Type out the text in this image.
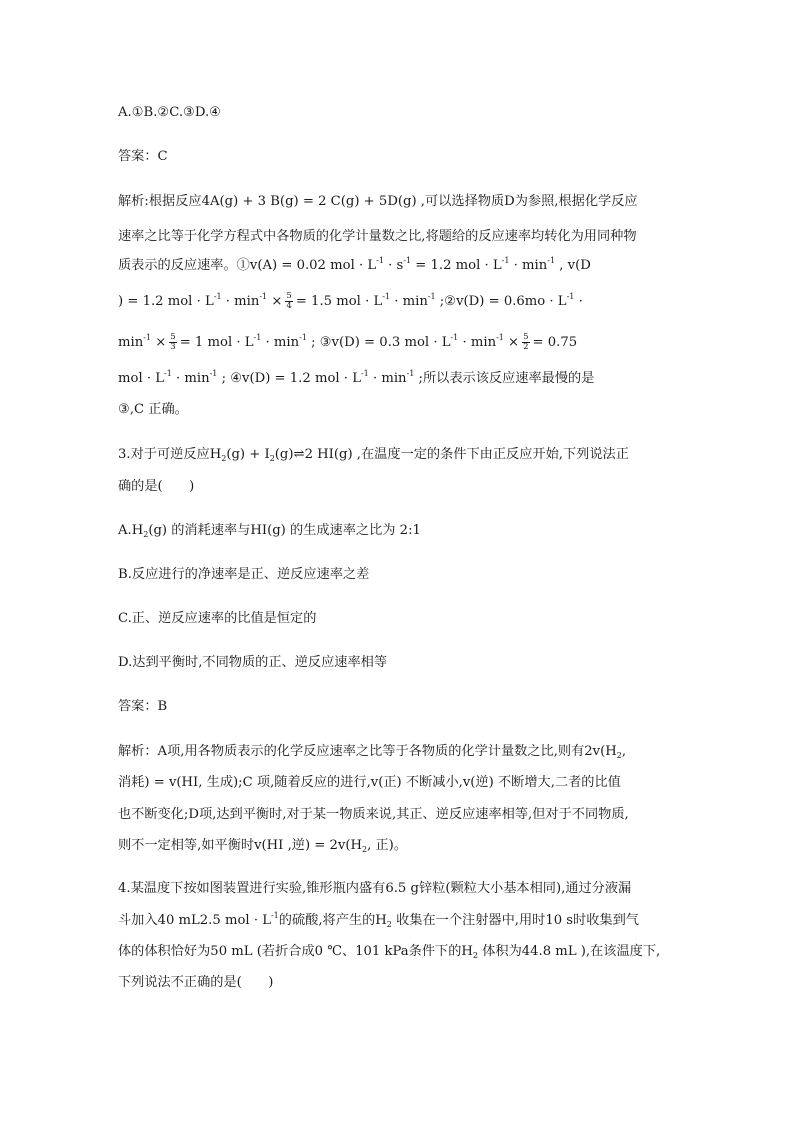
A.①B.②C.③D.④
答案：C
解析:根据反应4A(g) + 3 B(g) = 2 C(g) + 5D(g) ,可以选择物质D为参照,根据化学反应
速率之比等于化学方程式中各物质的化学计量数之比,将题给的反应速率均转化为用同种物
质表示的反应速率。①v(A) = 0.02 mol · $L^{-1} \cdot s^{-1} = 1.2$ mol · $L^{-1} \cdot \min^{-1}$ , v(D
) = 1.2 mol · $L^{-1} \cdot \min^{-1} \times \frac{5}{4} = 1.5$ mol · $L^{-1} \cdot \min^{-1}$ ;②v(D) = $0.6mo \cdot L^{-1}$ ·
$\min^{-1} \times \frac{5}{3} = 1$ mol · $L^{-1} \cdot \min^{-1}$ ; ③v(D) = 0.3 mol · $L^{-1} \cdot \min^{-1} \times \frac{5}{2} = 0.75$
mol · $L^{-1} \cdot \min^{-1}$ ; ④v(D) = 1.2 mol · $L^{-1} \cdot \min^{-1}$ ;所以表示该反应速率最慢的是
③,C 正确。
3.对于可逆反应$H_2(g)$ + $I_2(g)\rightleftharpoons 2$ HI(g) ,在温度一定的条件下由正反应开始,下列说法正
确的是(　　)
$A.H_2(g)$ 的消耗速率与HI(g) 的生成速率之比为 2:1
B.反应进行的净速率是正、逆反应速率之差
C.正、逆反应速率的比值是恒定的
D.达到平衡时,不同物质的正、逆反应速率相等
答案：B
解析：A项,用各物质表示的化学反应速率之比等于各物质的化学计量数之比,则有$2v(H_2$,
消耗) = v(HI, 生成);C 项,随着反应的进行,v(正) 不断减小,v(逆) 不断增大,二者的比值
也不断变化;D项,达到平衡时,对于某一物质来说,其正、逆反应速率相等,但对于不同物质,
则不一定相等,如平衡时v(HI ,逆) = $2v(H_2$, 正)。
4.某温度下按如图装置进行实验,锥形瓶内盛有6.5 g锌粒(颗粒大小基本相同),通过分液漏
斗加入40 mL2.5 mol · $L^{-1}$的硫酸,将产生的$H_2$ 收集在一个注射器中,用时10 s时收集到气
体的体积恰好为50 mL (若折合成0 ℃、101 kPa条件下的$H_2$ 体积为44.8 mL ),在该温度下,
下列说法不正确的是(　　)
